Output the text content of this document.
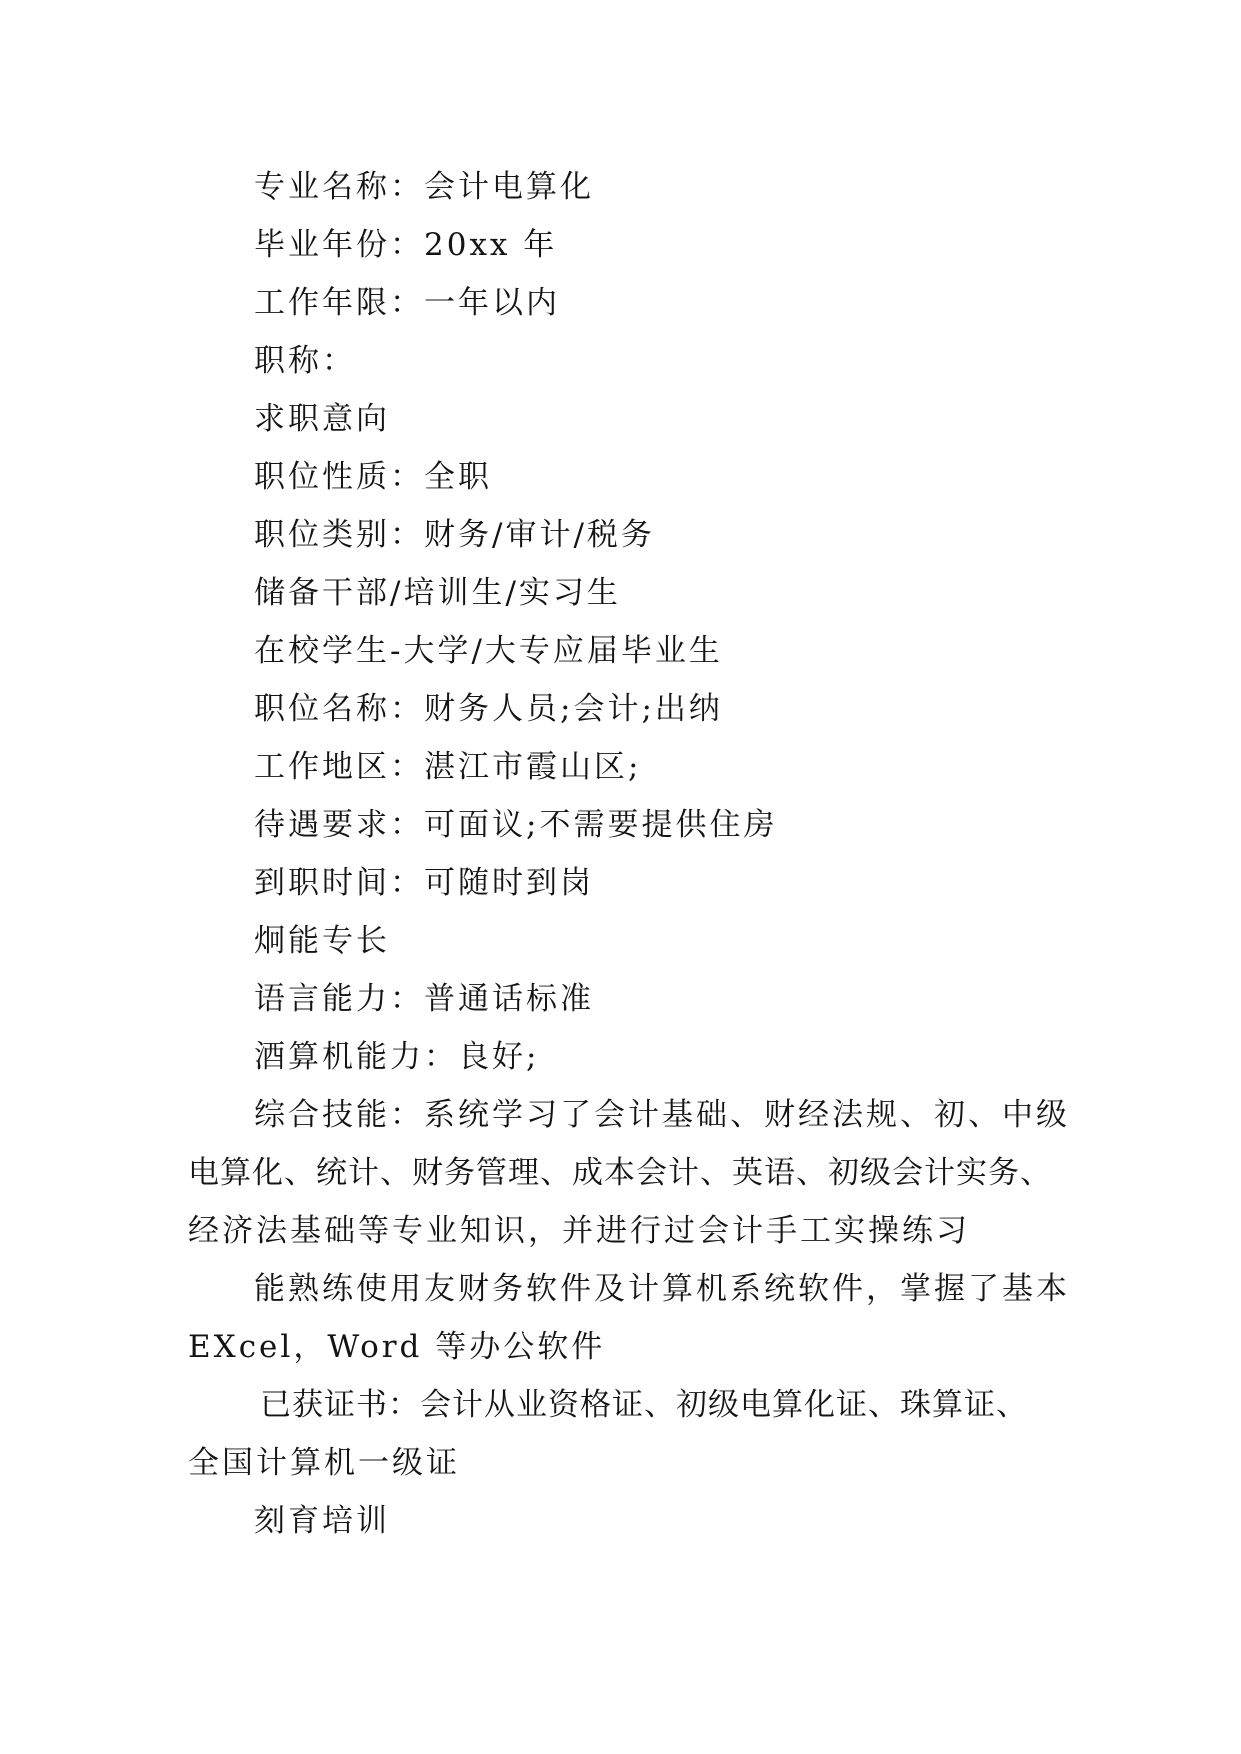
专业名称：会计电算化
毕业年份：20xx 年
工作年限：一年以内
职称：
求职意向
职位性质：全职
职位类别：财务/审计/税务
储备干部/培训生/实习生
在校学生-大学/大专应届毕业生
职位名称：财务人员;会计;出纳
工作地区：湛江市霞山区;
待遇要求：可面议;不需要提供住房
到职时间：可随时到岗
炯能专长
语言能力：普通话标准
酒算机能力：良好;
综合技能：系统学习了会计基础、财经法规、初、中级
电算化、统计、财务管理、成本会计、英语、初级会计实务、
经济法基础等专业知识，并进行过会计手工实操练习
能熟练使用友财务软件及计算机系统软件，掌握了基本
EXcel，Word 等办公软件
已获证书：会计从业资格证、初级电算化证、珠算证、
全国计算机一级证
刻育培训
